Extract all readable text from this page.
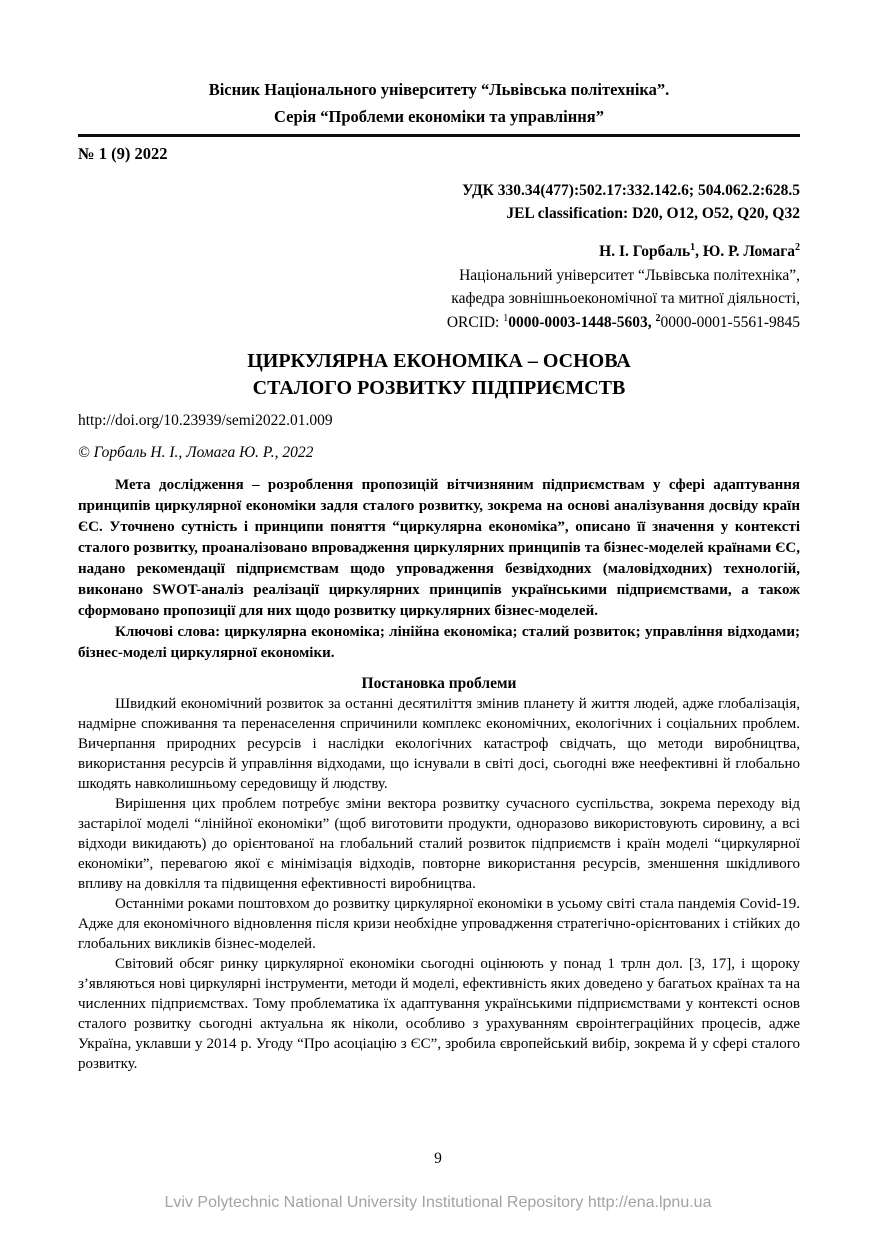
Вісник Національного університету “Львівська політехніка”.
Серія “Проблеми економіки та управління”
№ 1 (9) 2022
УДК 330.34(477):502.17:332.142.6; 504.062.2:628.5
JEL classification: D20, O12, O52, Q20, Q32
Н. І. Горбаль$^1$, Ю. Р. Ломага$^2$
Національний університет “Львівська політехніка”,
кафедра зовнішньоекономічної та митної діяльності,
ORCID: $^1$0000-0003-1448-5603, $^2$0000-0001-5561-9845
ЦИРКУЛЯРНА ЕКОНОМІКА – ОСНОВА
СТАЛОГО РОЗВИТКУ ПІДПРИЄМСТВ
http://doi.org/10.23939/semi2022.01.009
© Горбаль Н. І., Ломага Ю. Р., 2022

Мета дослідження – розроблення пропозицій вітчизняним підприємствам у сфері адаптування принципів циркулярної економіки задля сталого розвитку, зокрема на основі аналізування досвіду країн ЄС. Уточнено сутність і принципи поняття “циркулярна економіка”, описано її значення у контексті сталого розвитку, проаналізовано впровадження циркулярних принципів та бізнес-моделей країнами ЄС, надано рекомендації підприємствам щодо упровадження безвідходних (маловідходних) технологій, виконано SWOT-аналіз реалізації циркулярних принципів українськими підприємствами, а також сформовано пропозиції для них щодо розвитку циркулярних бізнес-моделей.

Ключові слова: циркулярна економіка; лінійна економіка; сталий розвиток; управління відходами; бізнес-моделі циркулярної економіки.

Постановка проблеми

Швидкий економічний розвиток за останні десятиліття змінив планету й життя людей, адже глобалізація, надмірне споживання та перенаселення спричинили комплекс економічних, екологічних і соціальних проблем. Вичерпання природних ресурсів і наслідки екологічних катастроф свідчать, що методи виробництва, використання ресурсів й управління відходами, що існували в світі досі, сьогодні вже неефективні й глобально шкодять навколишньому середовищу й людству.

Вирішення цих проблем потребує зміни вектора розвитку сучасного суспільства, зокрема переходу від застарілої моделі “лінійної економіки” (щоб виготовити продукти, одноразово використовують сировину, а всі відходи викидають) до орієнтованої на глобальний сталий розвиток підприємств і країн моделі “циркулярної економіки”, перевагою якої є мінімізація відходів, повторне використання ресурсів, зменшення шкідливого впливу на довкілля та підвищення ефективності виробництва.

Останніми роками поштовхом до розвитку циркулярної економіки в усьому світі стала пандемія Covid-19. Адже для економічного відновлення після кризи необхідне упровадження стратегічно-орієнтованих і стійких до глобальних викликів бізнес-моделей.

Світовий обсяг ринку циркулярної економіки сьогодні оцінюють у понад 1 трлн дол. [3, 17], і щороку з’являються нові циркулярні інструменти, методи й моделі, ефективність яких доведено у багатьох країнах та на численних підприємствах. Тому проблематика їх адаптування українськими підприємствами у контексті основ сталого розвитку сьогодні актуальна як ніколи, особливо з урахуванням євроінтеграційних процесів, адже Україна, уклавши у 2014 р. Угоду “Про асоціацію з ЄС”, зробила європейський вибір, зокрема й у сфері сталого розвитку.

9
Lviv Polytechnic National University Institutional Repository http://ena.lpnu.ua
